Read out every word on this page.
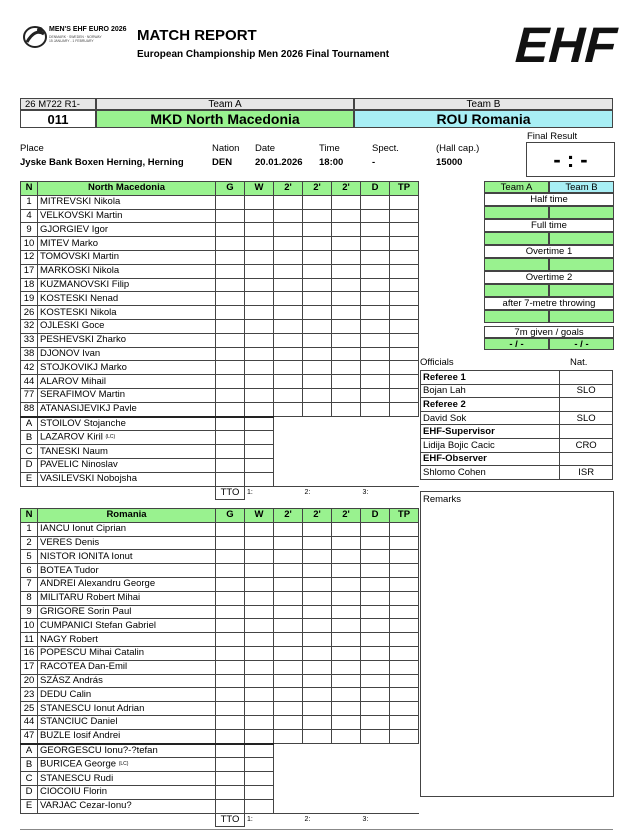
MEN'S EHF EURO 2026
DENMARK · SWEDEN · NORWAY
15 JANUARY - 1 FEBRUARY	MATCH REPORT
European Championship Men 2026 Final Tournament EHF
26 M722 R1-	Team A	Team B
011	MKD North Macedonia	ROU Romania
Final Result
- : -
Place
Jyske Bank Boxen Herning, Herning
Nation
DEN
Date
20.01.2026
Time
18:00
Spect.
-
(Hall cap.)
15000
N	North Macedonia	G	W	2'	2'	2'	D	TP
1	MITREVSKI Nikola							
4	VELKOVSKI Martin							
9	GJORGIEV Igor							
10	MITEV Marko							
12	TOMOVSKI Martin							
17	MARKOSKI Nikola							
18	KUZMANOVSKI Filip							
19	KOSTESKI Nenad							
26	KOSTESKI Nikola							
32	OJLESKI Goce							
33	PESHEVSKI Zharko							
38	DJONOV Ivan							
42	STOJKOVIKJ Marko							
44	ALAROV Mihail							
77	SERAFIMOV Martin							
88	ATANASIJEVIKJ Pavle							
A	STOILOV Stojanche							
B	LAZAROV Kiril (LC)							
C	TANESKI Naum							
D	PAVELIC Ninoslav							
E	VASILEVSKI Nobojsha							
		TTO	1:		2:		3:	
N	Romania	G	W	2'	2'	2'	D	TP
1	IANCU Ionut Ciprian							
2	VERES Denis							
5	NISTOR IONITA Ionut							
6	BOTEA Tudor							
7	ANDREI Alexandru George							
8	MILITARU Robert Mihai							
9	GRIGORE Sorin Paul							
10	CUMPANICI Stefan Gabriel							
11	NAGY Robert							
16	POPESCU Mihai Catalin							
17	RACOTEA Dan-Emil							
20	SZÁSZ András							
23	DEDU Calin							
25	STANESCU Ionut Adrian							
44	STANCIUC Daniel							
47	BUZLE Iosif Andrei							
A	GEORGESCU Ionu?-?tefan							
B	BURICEA George (LC)							
C	STANESCU Rudi							
D	CIOCOIU Florin							
E	VARJAC Cezar-Ionu?							
		TTO	1:		2:		3:	
Team A	Team B
Half time
Full time
Overtime 1
Overtime 2
after 7-metre throwing
7m given / goals
- / -	- / -
Officials	Nat.
Referee 1	
Bojan Lah	SLO
Referee 2	
David Sok	SLO
EHF-Supervisor	
Lidija Bojic Cacic	CRO
EHF-Observer	
Shlomo Cohen	ISR
Remarks
